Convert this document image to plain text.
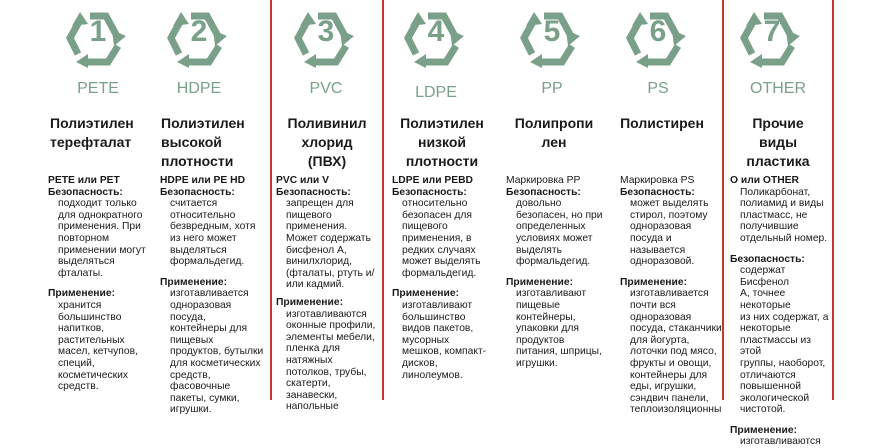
1
PETE
Полиэтилен
терефталат
PETE или PET
Безопасность:
подходит только
для однократного
применения. При
повторном
применении могут
выделяться
фталаты.
Применение:
хранится
большинство
напитков,
растительных
масел, кетчупов,
специй,
косметических
средств.
2
HDPE
Полиэтилен
высокой
плотности
HDPE или PE HD
Безопасность:
считается
относительно
безвредным, хотя
из него может
выделяться
формальдегид.
Применение:
изготавливается
одноразовая
посуда,
контейнеры для
пищевых
продуктов, бутылки
для косметических
средств,
фасовочные
пакеты, сумки,
игрушки.
3
PVC
Поливинил
хлорид
(ПВХ)
PVC или V
Безопасность:
запрещен для
пищевого
применения.
Может содержать
бисфенол А,
винилхлорид,
(фталаты, ртуть и/
или кадмий.
Применение:
изготавливаются
оконные профили,
элементы мебели,
пленка для
натяжных
потолков, трубы,
скатерти,
занавески,
напольные
4
LDPE
Полиэтилен
низкой
плотности
LDPE или PEBD
Безопасность:
относительно
безопасен для
пищевого
применения, в
редких случаях
может выделять
формальдегид.
Применение:
изготавливают
большинство
видов пакетов,
мусорных
мешков, компакт-
дисков,
линолеумов.
5
PP
Полипропи
лен
Маркировка PP
Безопасность:
довольно
безопасен, но при
определенных
условиях может
выделять
формальдегид.
Применение:
изготавливают
пищевые
контейнеры,
упаковки для
продуктов
питания, шприцы,
игрушки.
6
PS
Полистирен
Маркировка PS
Безопасность:
может выделять
стирол, поэтому
одноразовая
посуда и
называется
одноразовой.
Применение:
изготавливается
почти вся
одноразовая
посуда, стаканчики
для йогурта,
лоточки под мясо,
фрукты и овощи,
контейнеры для
еды, игрушки,
сэндвич панели,
теплоизоляционны
7
OTHER
Прочие
виды
пластика
O или OTHER
Поликарбонат,
полиамид и виды
пластмасс, не
получившие
отдельный номер.
Безопасность:
содержат Бисфенол
А, точнее некоторые
из них содержат, а
некоторые
пластмассы из этой
группы, наоборот,
отличаются
повышенной
экологической
чистотой.
Применение:
изготавливаются
